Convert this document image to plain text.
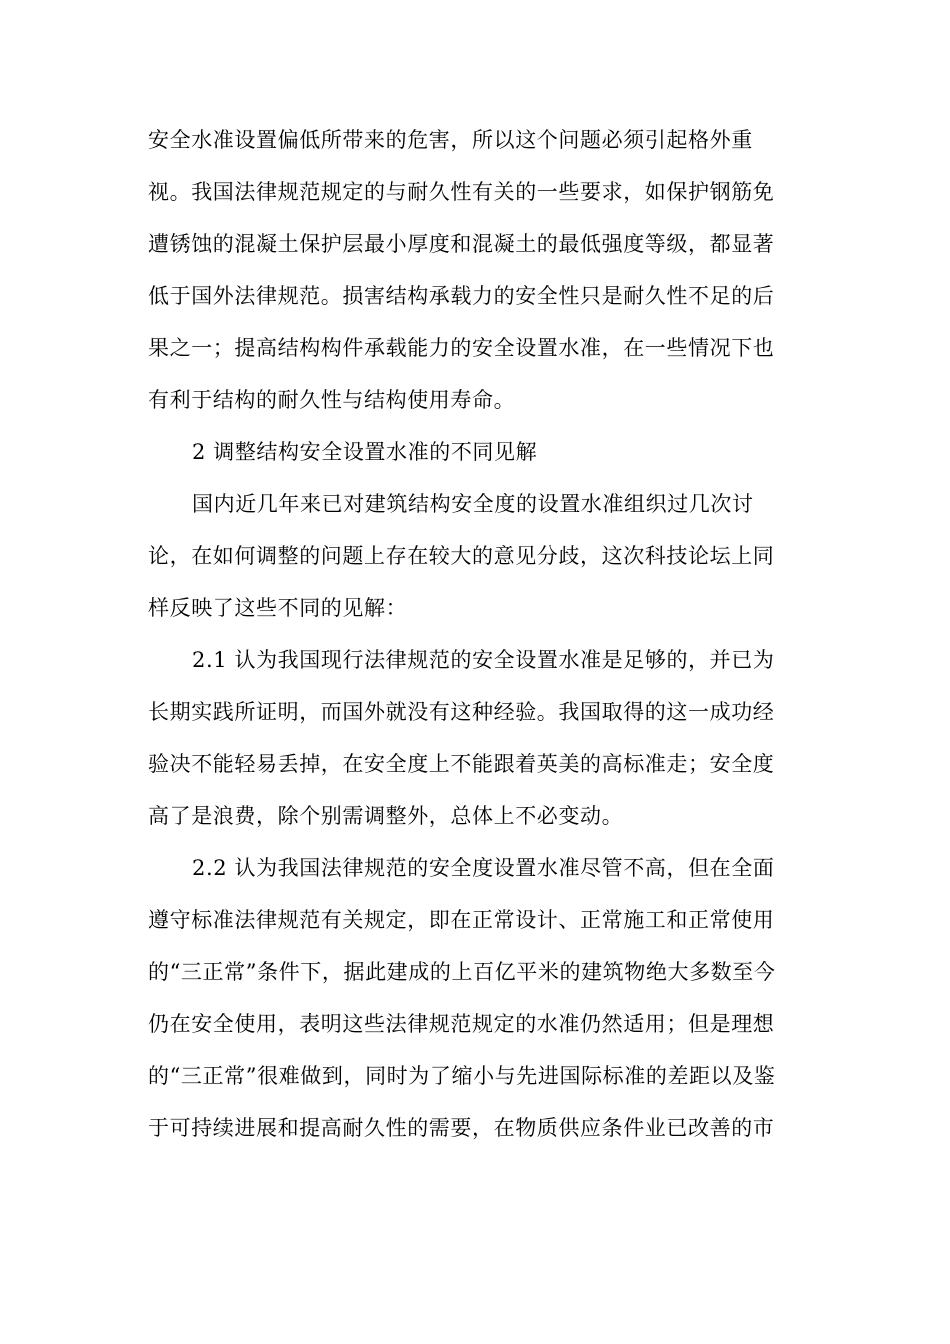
安全水准设置偏低所带来的危害，所以这个问题必须引起格外重
视。我国法律规范规定的与耐久性有关的一些要求，如保护钢筋免
遭锈蚀的混凝土保护层最小厚度和混凝土的最低强度等级，都显著
低于国外法律规范。损害结构承载力的安全性只是耐久性不足的后
果之一；提高结构构件承载能力的安全设置水准，在一些情况下也
有利于结构的耐久性与结构使用寿命。
2 调整结构安全设置水准的不同见解
国内近几年来已对建筑结构安全度的设置水准组织过几次讨
论，在如何调整的问题上存在较大的意见分歧，这次科技论坛上同
样反映了这些不同的见解：
2.1 认为我国现行法律规范的安全设置水准是足够的，并已为
长期实践所证明，而国外就没有这种经验。我国取得的这一成功经
验决不能轻易丢掉，在安全度上不能跟着英美的高标准走；安全度
高了是浪费，除个别需调整外，总体上不必变动。
2.2 认为我国法律规范的安全度设置水准尽管不高，但在全面
遵守标准法律规范有关规定，即在正常设计、正常施工和正常使用
的“三正常”条件下，据此建成的上百亿平米的建筑物绝大多数至今
仍在安全使用，表明这些法律规范规定的水准仍然适用；但是理想
的“三正常”很难做到，同时为了缩小与先进国际标准的差距以及鉴
于可持续进展和提高耐久性的需要，在物质供应条件业已改善的市
